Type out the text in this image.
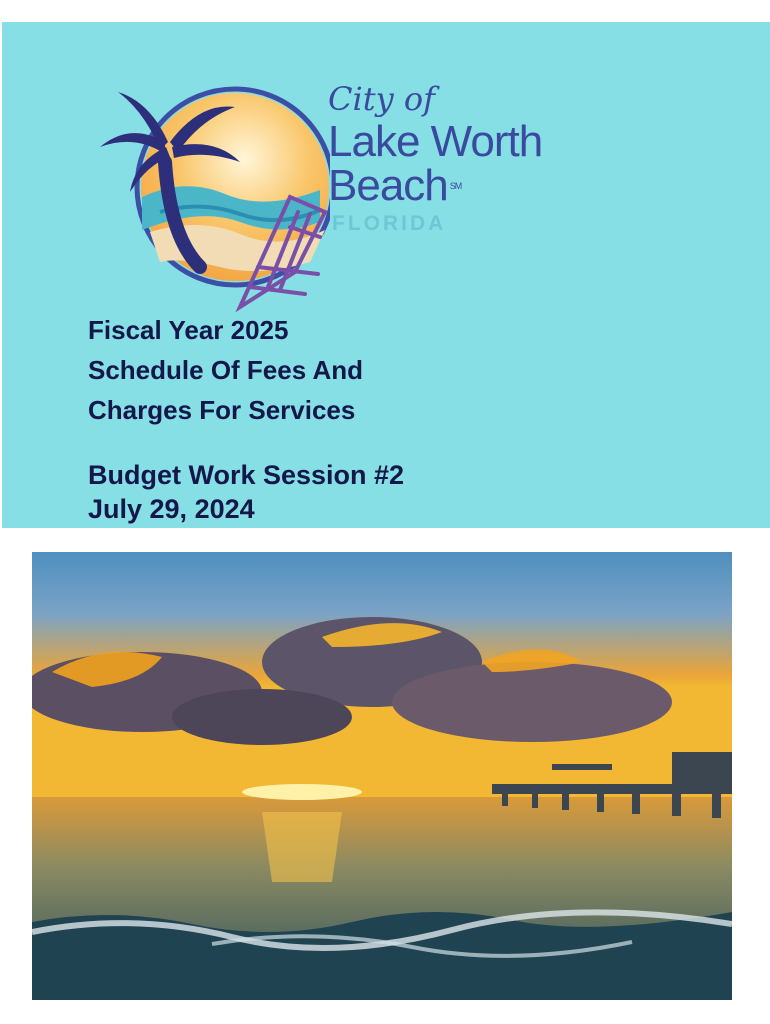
City of
Lake Worth
Beach ℠
FLORIDA
Fiscal Year 2025
Schedule Of Fees And
Charges For Services
Budget Work Session #2
July 29, 2024
